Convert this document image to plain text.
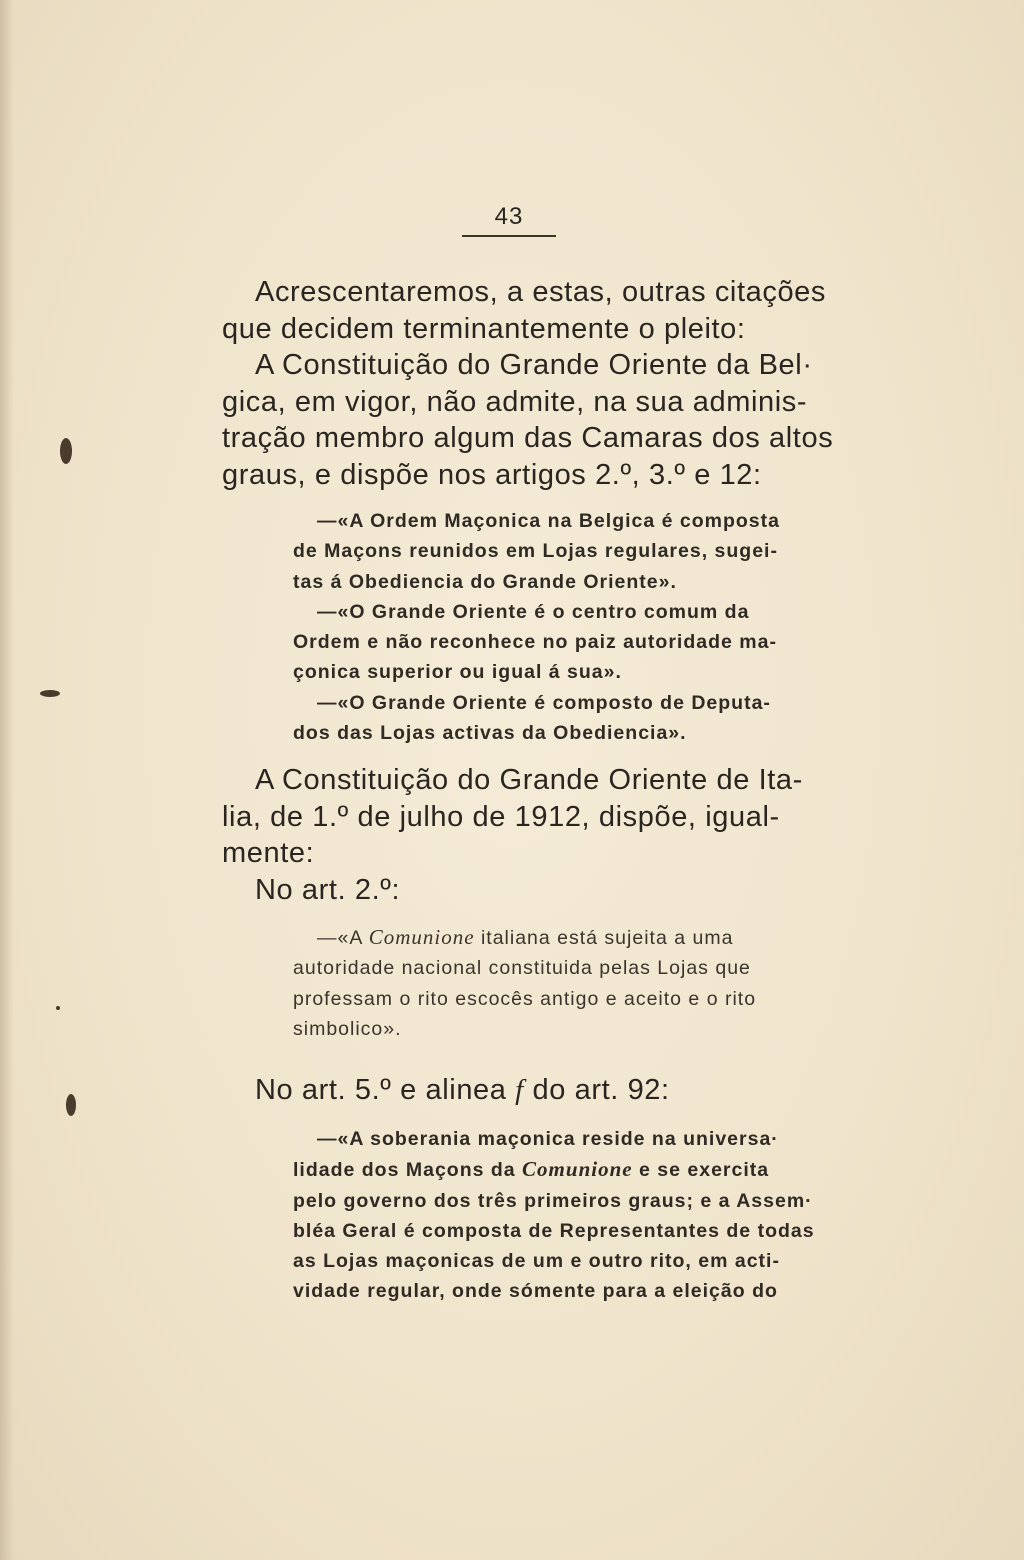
43
Acrescentaremos, a estas, outras citações
que decidem terminantemente o pleito:
A Constituição do Grande Oriente da Bel·
gica, em vigor, não admite, na sua adminis-
tração membro algum das Camaras dos altos
graus, e dispõe nos artigos 2.º, 3.º e 12:
—«A Ordem Maçonica na Belgica é composta
de Maçons reunidos em Lojas regulares, sugei-
tas á Obediencia do Grande Oriente».
—«O Grande Oriente é o centro comum da
Ordem e não reconhece no paiz autoridade ma-
çonica superior ou igual á sua».
—«O Grande Oriente é composto de Deputa-
dos das Lojas activas da Obediencia».
A Constituição do Grande Oriente de Ita-
lia, de 1.º de julho de 1912, dispõe, igual-
mente:
No art. 2.º:
—«A Comunione italiana está sujeita a uma
autoridade nacional constituida pelas Lojas que
professam o rito escocês antigo e aceito e o rito
simbolico».
No art. 5.º e alinea f do art. 92:
—«A soberania maçonica reside na universa·
lidade dos Maçons da Comunione e se exercita
pelo governo dos três primeiros graus; e a Assem·
bléa Geral é composta de Representantes de todas
as Lojas maçonicas de um e outro rito, em acti-
vidade regular, onde sómente para a eleição do
